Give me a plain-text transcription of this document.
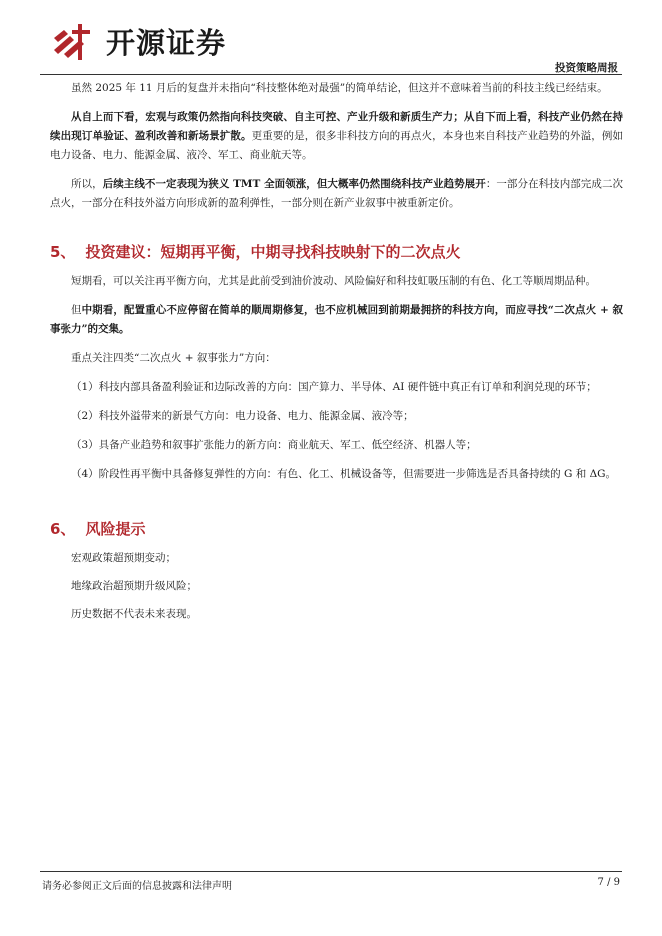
开源证券
投资策略周报

虽然 2025 年 11 月后的复盘并未指向“科技整体绝对最强”的简单结论，但这并不意味着当前的科技主线已经结束。

从自上而下看，宏观与政策仍然指向科技突破、自主可控、产业升级和新质生产力；从自下而上看，科技产业仍然在持续出现订单验证、盈利改善和新场景扩散。更重要的是，很多非科技方向的再点火，本身也来自科技产业趋势的外溢，例如电力设备、电力、能源金属、液冷、军工、商业航天等。

所以，后续主线不一定表现为狭义 TMT 全面领涨，但大概率仍然围绕科技产业趋势展开：一部分在科技内部完成二次点火，一部分在科技外溢方向形成新的盈利弹性，一部分则在新产业叙事中被重新定价。

5、 投资建议：短期再平衡，中期寻找科技映射下的二次点火

短期看，可以关注再平衡方向，尤其是此前受到油价波动、风险偏好和科技虹吸压制的有色、化工等顺周期品种。

但中期看，配置重心不应停留在简单的顺周期修复，也不应机械回到前期最拥挤的科技方向，而应寻找“二次点火 + 叙事张力”的交集。

重点关注四类“二次点火 + 叙事张力”方向：

（1）科技内部具备盈利验证和边际改善的方向：国产算力、半导体、AI 硬件链中真正有订单和利润兑现的环节；

（2）科技外溢带来的新景气方向：电力设备、电力、能源金属、液冷等；

（3）具备产业趋势和叙事扩张能力的新方向：商业航天、军工、低空经济、机器人等；

（4）阶段性再平衡中具备修复弹性的方向：有色、化工、机械设备等，但需要进一步筛选是否具备持续的 G 和 ΔG。

6、 风险提示

宏观政策超预期变动；

地缘政治超预期升级风险；

历史数据不代表未来表现。

请务必参阅正文后面的信息披露和法律声明	7 / 9
